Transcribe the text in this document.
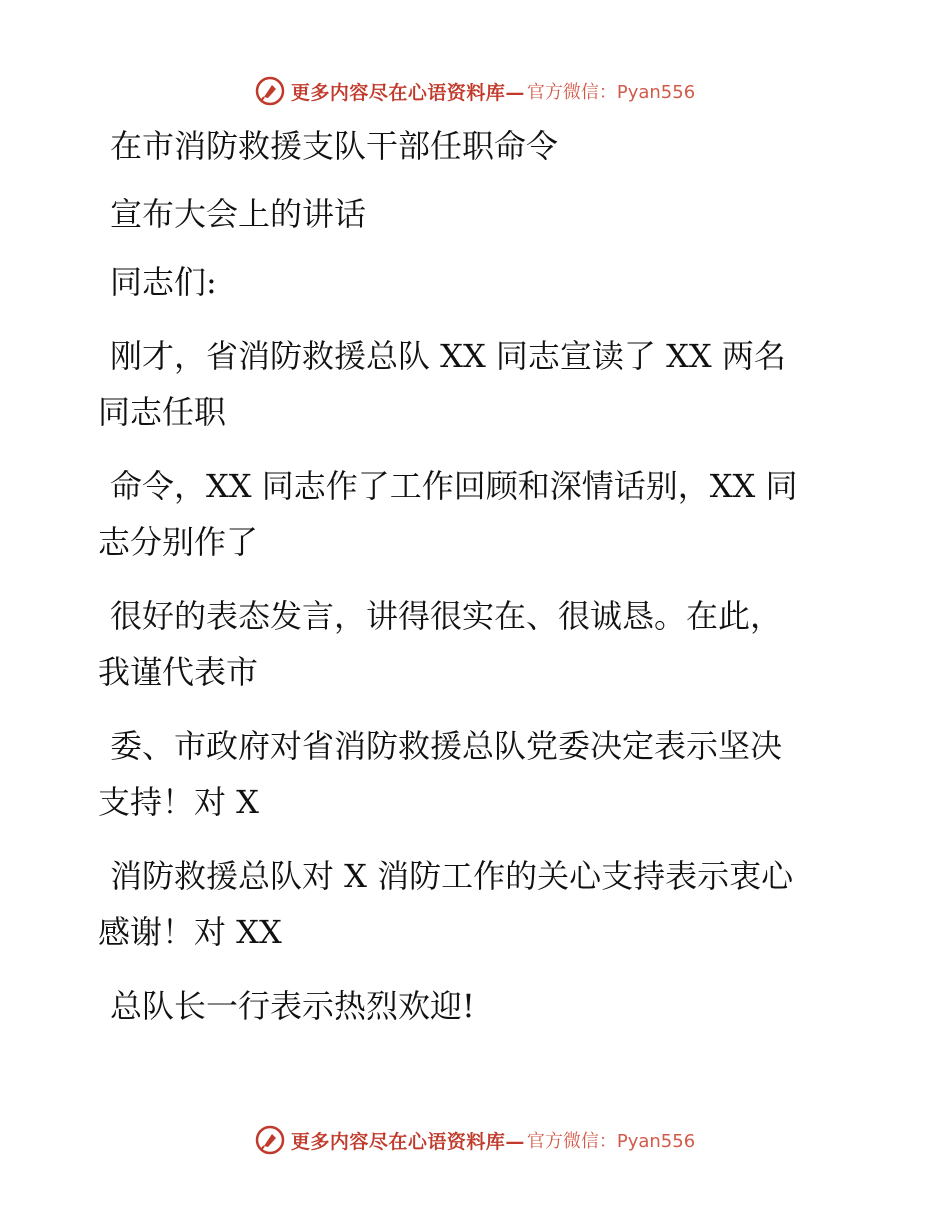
更多内容尽在心语资料库— 官方微信：Pyan556

在市消防救援支队干部任职命令

宣布大会上的讲话

同志们:

刚才，省消防救援总队 XX 同志宣读了 XX 两名

同志任职

命令，XX 同志作了工作回顾和深情话别，XX 同

志分别作了

很好的表态发言，讲得很实在、很诚恳。在此，

我谨代表市

委、市政府对省消防救援总队党委决定表示坚决

支持！对 X

消防救援总队对 X 消防工作的关心支持表示衷心

感谢！对 XX

总队长一行表示热烈欢迎!

更多内容尽在心语资料库— 官方微信：Pyan556
